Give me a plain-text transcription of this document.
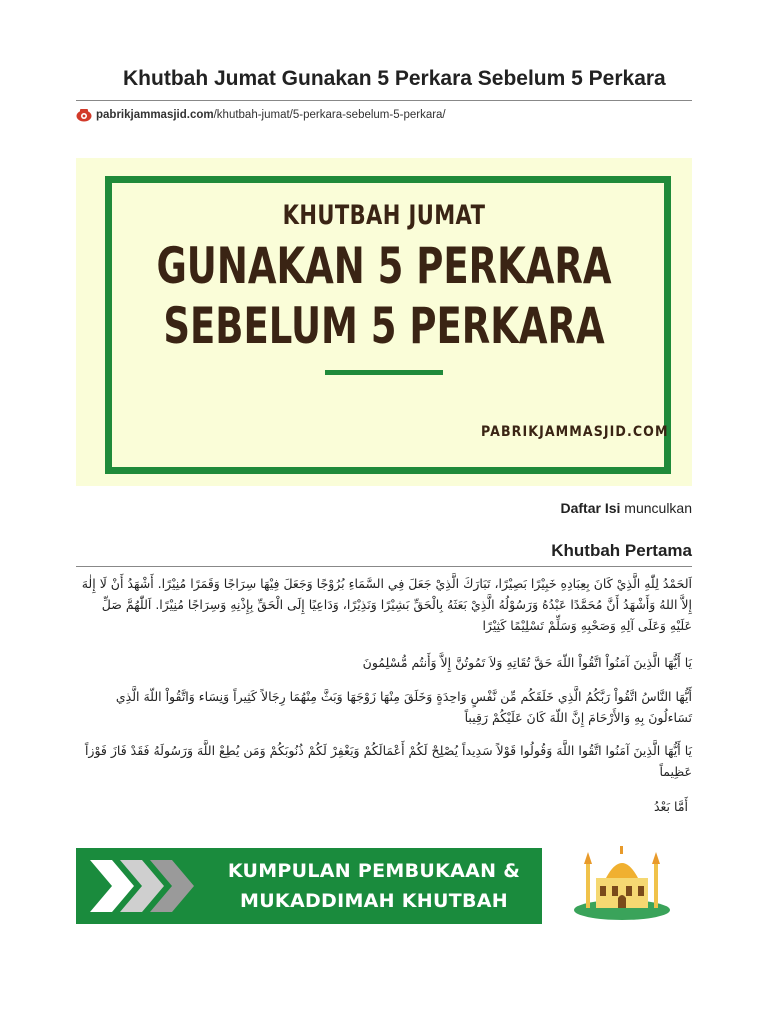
Khutbah Jumat Gunakan 5 Perkara Sebelum 5 Perkara
pabrikjammasjid.com /khutbah-jumat/5-perkara-sebelum-5-perkara/
KHUTBAH JUMAT
GUNAKAN 5 PERKARA
SEBELUM 5 PERKARA
PABRIKJAMMASJID.COM
Daftar Isi munculkan
Khutbah Pertama
اَلحَمْدُ لِلّٰهِ الَّذِيْ كَانَ بِعِبَادِهِ خَبِيْرًا بَصِيْرًا، تَبَارَكَ الَّذِيْ جَعَلَ فِي السَّمَاءِ بُرُوْجًا وَجَعَلَ فِيْهَا سِرَاجًا وَقَمَرًا مُنِيْرًا. أَشْهَدُ أَنْ لَا إِلٰهَ إِلاَّ اللهُ وَأَشْهَدُ أَنَّ مُحَمَّدًا عَبْدُهُ وَرَسُوْلُهُ الَّذِيْ بَعَثَهُ بِالْحَقِّ بَشِيْرًا وَنَذِيْرًا، وَدَاعِيًا إِلَى الْحَقِّ بِإِذْنِهِ وَسِرَاجًا مُنِيْرًا. اَللّٰهُمَّ صَلِّ عَلَيْهِ وَعَلَى آلِهِ وَصَحْبِهِ وَسَلِّمْ تَسْلِيْمًا كَثِيْرًا
يَا أَيُّهَا الَّذِينَ آمَنُواْ اتَّقُواْ اللّهَ حَقَّ تُقَاتِهِ وَلاَ تَمُوتُنَّ إِلاَّ وَأَنتُم مُّسْلِمُونَ
أَيُّهَا النَّاسُ اتَّقُواْ رَبَّكُمُ الَّذِي خَلَقَكُم مِّن نَّفْسٍ وَاحِدَةٍ وَخَلَقَ مِنْهَا زَوْجَهَا وَبَثَّ مِنْهُمَا رِجَالاً كَثِيراً وَنِسَاء وَاتَّقُواْ اللّهَ الَّذِي تَسَاءلُونَ بِهِ وَالأَرْحَامَ إِنَّ اللّهَ كَانَ عَلَيْكُمْ رَقِيباً
يَا أَيُّهَا الَّذِينَ آمَنُوا اتَّقُوا اللَّهَ وَقُولُوا قَوْلاً سَدِيداً يُصْلِحْ لَكُمْ أَعْمَالَكُمْ وَيَغْفِرْ لَكُمْ ذُنُوبَكُمْ وَمَن يُطِعْ اللَّهَ وَرَسُولَهُ فَقَدْ فَازَ فَوْزاً عَظِيماً
أَمَّا بَعْدُ
KUMPULAN PEMBUKAAN &
MUKADDIMAH KHUTBAH
